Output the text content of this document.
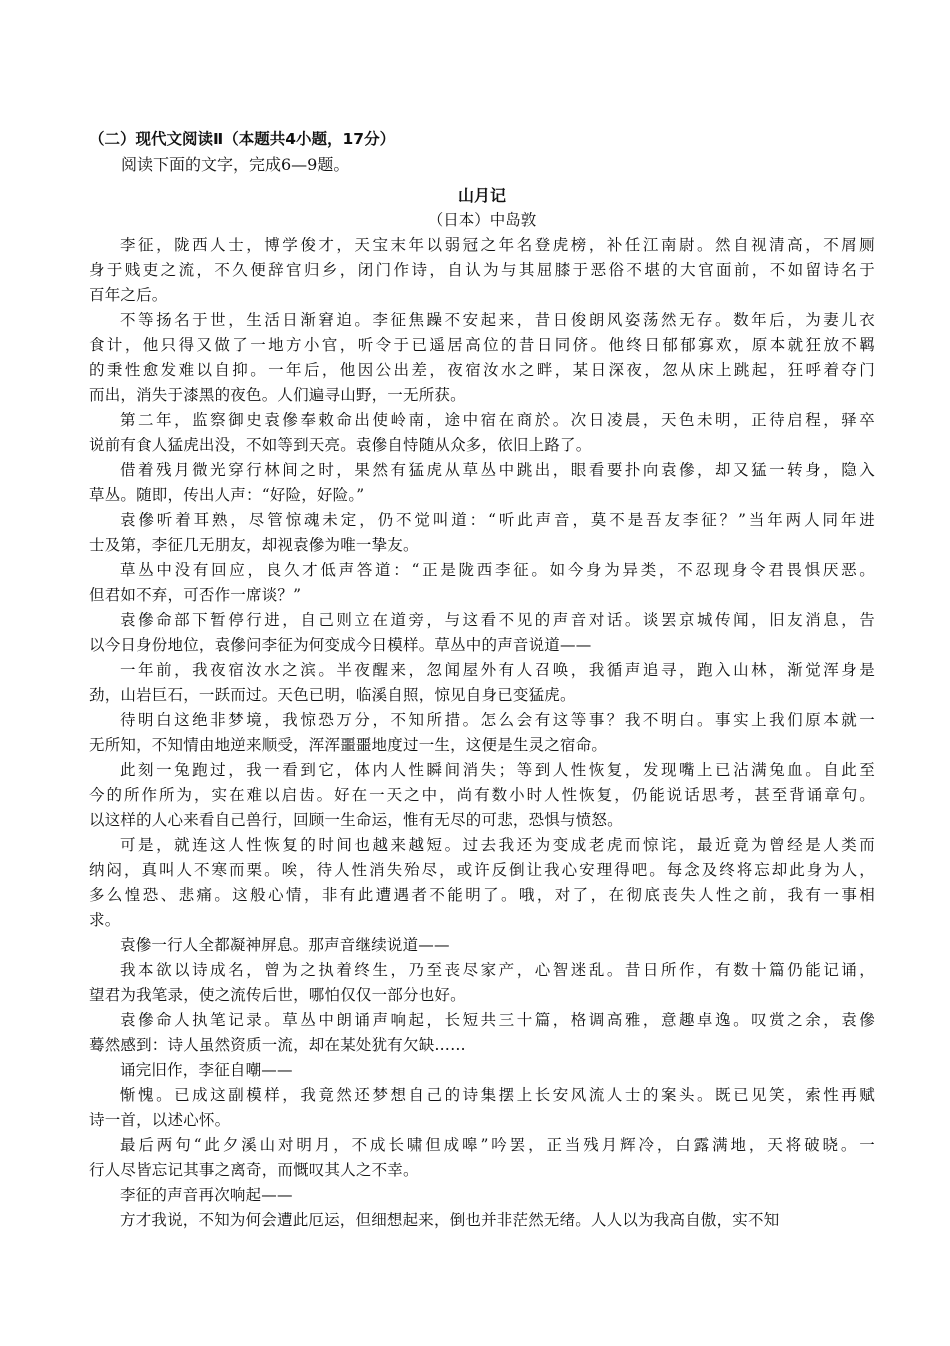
（二）现代文阅读Ⅱ（本题共4小题，17分）
阅读下面的文字，完成6—9题。
山月记
（日本）中岛敦
李征，陇西人士，博学俊才，天宝末年以弱冠之年名登虎榜，补任江南尉。然自视清高，不屑厕
身于贱吏之流，不久便辞官归乡，闭门作诗，自认为与其屈膝于恶俗不堪的大官面前，不如留诗名于
百年之后。
不等扬名于世，生活日渐窘迫。李征焦躁不安起来，昔日俊朗风姿荡然无存。数年后，为妻儿衣
食计，他只得又做了一地方小官，听令于已遥居高位的昔日同侪。他终日郁郁寡欢，原本就狂放不羁
的秉性愈发难以自抑。一年后，他因公出差，夜宿汝水之畔，某日深夜，忽从床上跳起，狂呼着夺门
而出，消失于漆黑的夜色。人们遍寻山野，一无所获。
第二年，监察御史袁傪奉敕命出使岭南，途中宿在商於。次日凌晨，天色未明，正待启程，驿卒
说前有食人猛虎出没，不如等到天亮。袁傪自恃随从众多，依旧上路了。
借着残月微光穿行林间之时，果然有猛虎从草丛中跳出，眼看要扑向袁傪，却又猛一转身，隐入
草丛。随即，传出人声：“好险，好险。”
袁傪听着耳熟，尽管惊魂未定，仍不觉叫道：“听此声音，莫不是吾友李征？”当年两人同年进
士及第，李征几无朋友，却视袁傪为唯一挚友。
草丛中没有回应，良久才低声答道：“正是陇西李征。如今身为异类，不忍现身令君畏惧厌恶。
但君如不弃，可否作一席谈？”
袁傪命部下暂停行进，自己则立在道旁，与这看不见的声音对话。谈罢京城传闻，旧友消息，告
以今日身份地位，袁傪问李征为何变成今日模样。草丛中的声音说道——
一年前，我夜宿汝水之滨。半夜醒来，忽闻屋外有人召唤，我循声追寻，跑入山林，渐觉浑身是
劲，山岩巨石，一跃而过。天色已明，临溪自照，惊见自身已变猛虎。
待明白这绝非梦境，我惊恐万分，不知所措。怎么会有这等事？我不明白。事实上我们原本就一
无所知，不知情由地逆来顺受，浑浑噩噩地度过一生，这便是生灵之宿命。
此刻一兔跑过，我一看到它，体内人性瞬间消失；等到人性恢复，发现嘴上已沾满兔血。自此至
今的所作所为，实在难以启齿。好在一天之中，尚有数小时人性恢复，仍能说话思考，甚至背诵章句。
以这样的人心来看自己兽行，回顾一生命运，惟有无尽的可悲，恐惧与愤怒。
可是，就连这人性恢复的时间也越来越短。过去我还为变成老虎而惊诧，最近竟为曾经是人类而
纳闷，真叫人不寒而栗。唉，待人性消失殆尽，或许反倒让我心安理得吧。每念及终将忘却此身为人，
多么惶恐、悲痛。这般心情，非有此遭遇者不能明了。哦，对了，在彻底丧失人性之前，我有一事相
求。
袁傪一行人全都凝神屏息。那声音继续说道——
我本欲以诗成名，曾为之执着终生，乃至丧尽家产，心智迷乱。昔日所作，有数十篇仍能记诵，
望君为我笔录，使之流传后世，哪怕仅仅一部分也好。
袁傪命人执笔记录。草丛中朗诵声响起，长短共三十篇，格调高雅，意趣卓逸。叹赏之余，袁傪
蓦然感到：诗人虽然资质一流，却在某处犹有欠缺……
诵完旧作，李征自嘲——
惭愧。已成这副模样，我竟然还梦想自己的诗集摆上长安风流人士的案头。既已见笑，索性再赋
诗一首，以述心怀。
最后两句“此夕溪山对明月，不成长啸但成嗥”吟罢，正当残月辉冷，白露满地，天将破晓。一
行人尽皆忘记其事之离奇，而慨叹其人之不幸。
李征的声音再次响起——
方才我说，不知为何会遭此厄运，但细想起来，倒也并非茫然无绪。人人以为我高自傲，实不知
